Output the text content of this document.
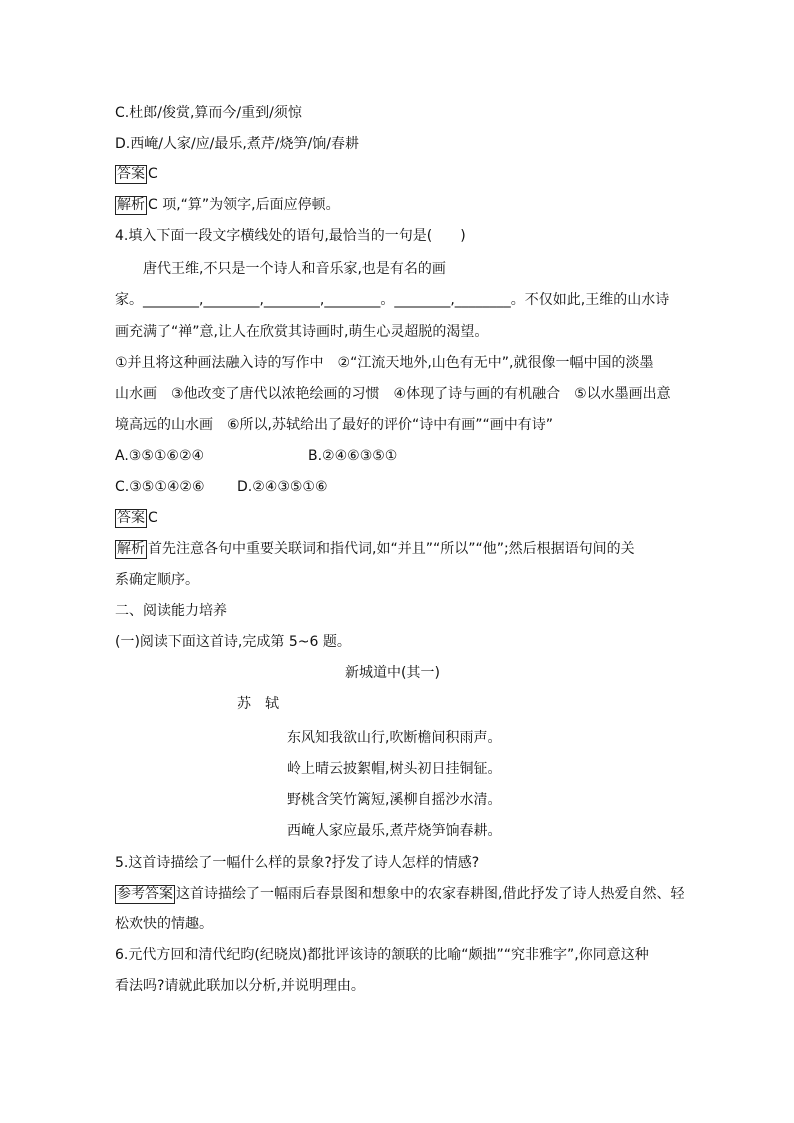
C.杜郎/俊赏,算而今/重到/须惊
D.西崦/人家/应/最乐,煮芹/烧笋/饷/春耕
答案 C
解析 C 项,“算”为领字,后面应停顿。
4.填入下面一段文字横线处的语句,最恰当的一句是(　　)
唐代王维,不只是一个诗人和音乐家,也是有名的画
家。________,________,________,________。________,________。不仅如此,王维的山水诗
画充满了“禅”意,让人在欣赏其诗画时,萌生心灵超脱的渴望。
①并且将这种画法融入诗的写作中　②“江流天地外,山色有无中”,就很像一幅中国的淡墨
山水画　③他改变了唐代以浓艳绘画的习惯　④体现了诗与画的有机融合　⑤以水墨画出意
境高远的山水画　⑥所以,苏轼给出了最好的评价“诗中有画”“画中有诗”
A.③⑤①⑥②④	B.②④⑥③⑤①
C.③⑤①④②⑥ D.②④③⑤①⑥
答案 C
解析 首先注意各句中重要关联词和指代词,如“并且”“所以”“他”;然后根据语句间的关
系确定顺序。
二、阅读能力培养
(一)阅读下面这首诗,完成第 5~6 题。
新城道中(其一)
苏　轼
东风知我欲山行,吹断檐间积雨声。
岭上晴云披絮帽,树头初日挂铜钲。
野桃含笑竹篱短,溪柳自摇沙水清。
西崦人家应最乐,煮芹烧笋饷春耕。
5.这首诗描绘了一幅什么样的景象?抒发了诗人怎样的情感?
参考答案 这首诗描绘了一幅雨后春景图和想象中的农家春耕图,借此抒发了诗人热爱自然、轻
松欢快的情趣。
6.元代方回和清代纪昀(纪晓岚)都批评该诗的颔联的比喻“颇拙”“究非雅字”,你同意这种
看法吗?请就此联加以分析,并说明理由。
